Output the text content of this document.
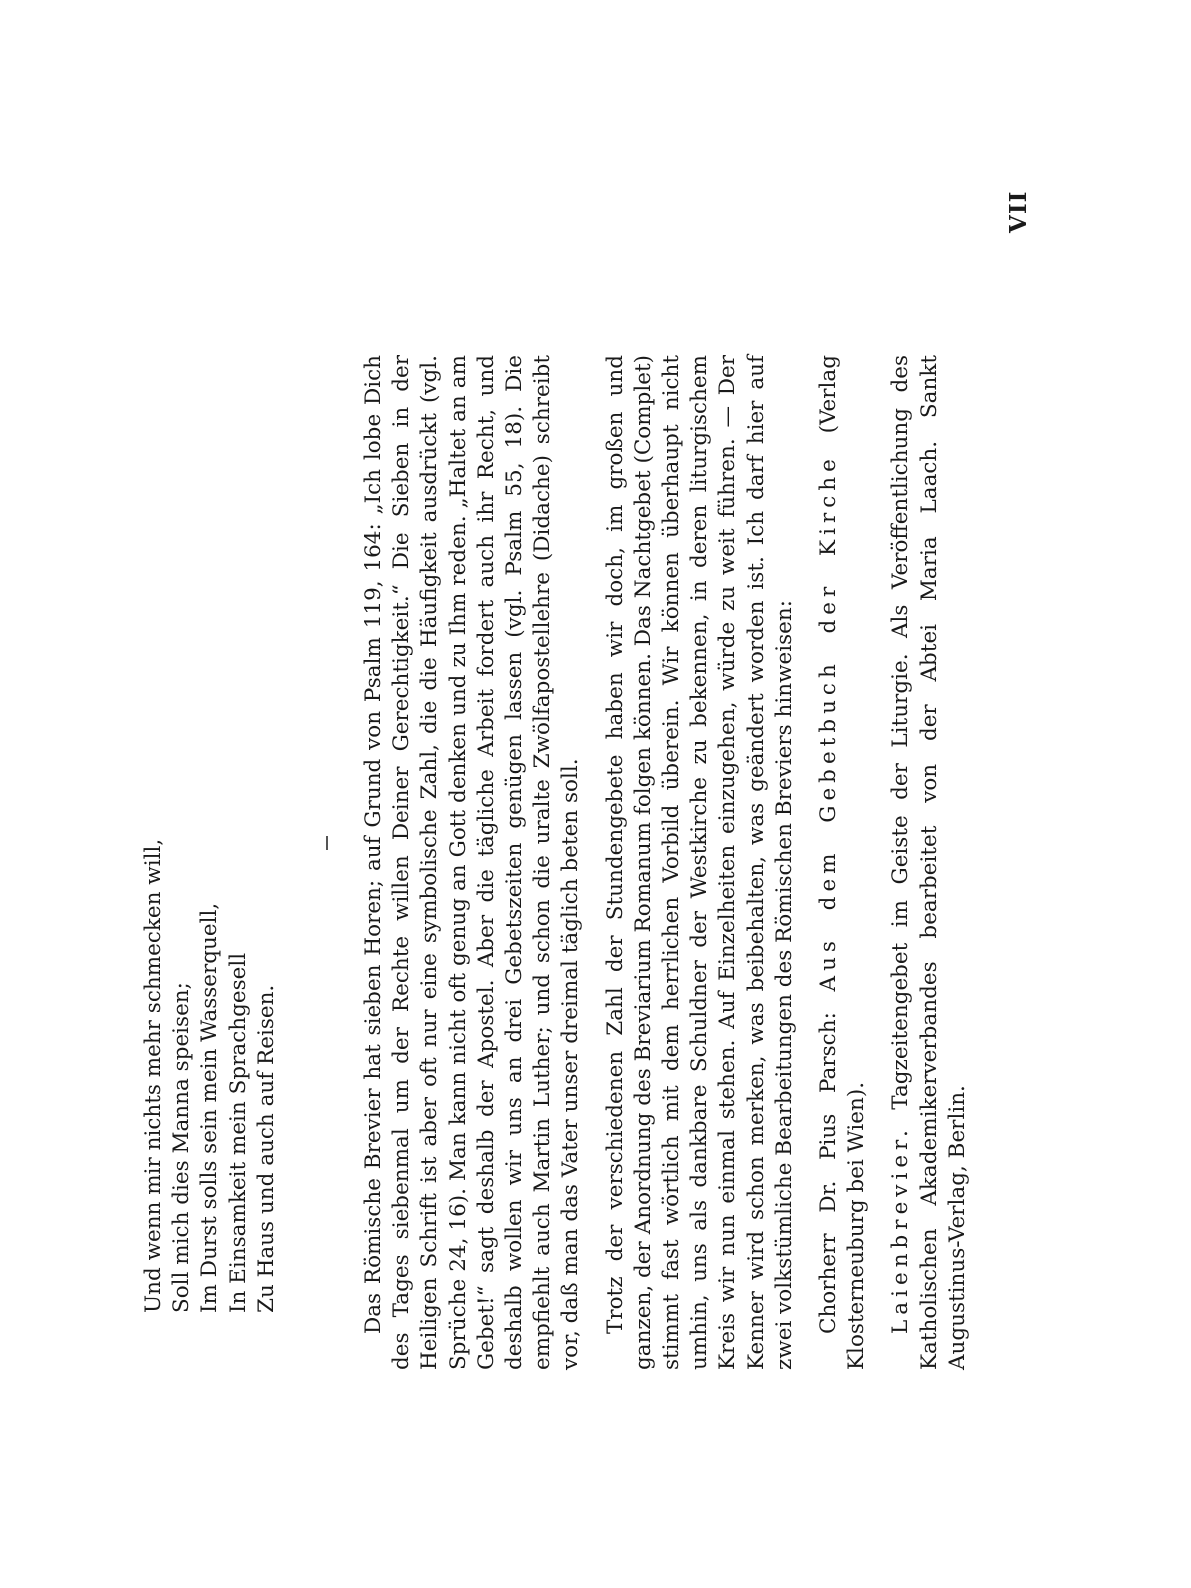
Und wenn mir nichts mehr schmecken will, Soll mich dies Manna speisen; Im Durst solls sein mein Wasserquell, In Einsamkeit mein Sprachgesell Zu Haus und auch auf Reisen.	Das Römische Brevier hat sieben Horen; auf Grund von Psalm 119, 164: „Ich lobe Dich des Tages siebenmal um der Rechte willen Deiner Gerechtigkeit.“ Die Sieben in der Heiligen Schrift ist aber oft nur eine symbolische Zahl, die die Häufigkeit ausdrückt (vgl. Sprüche 24, 16). Man kann nicht oft genug an Gott denken und zu Ihm reden. „Haltet an am Gebet!“ sagt deshalb der Apostel. Aber die tägliche Arbeit fordert auch ihr Recht, und deshalb wollen wir uns an drei Gebetszeiten genügen lassen (vgl. Psalm 55, 18). Die empfiehlt auch Martin Luther; und schon die uralte Zwölfapostellehre (Didache) schreibt vor, daß man das Vater unser dreimal täglich beten soll. Trotz der verschiedenen Zahl der Stundengebete haben wir doch, im großen und ganzen, der Anordnung des Breviarium Romanum folgen können. Das Nachtgebet (Complet) stimmt fast wörtlich mit dem herrlichen Vorbild überein. Wir können überhaupt nicht umhin, uns als dankbare Schuldner der Westkirche zu bekennen, in deren liturgischem Kreis wir nun einmal stehen. Auf Einzelheiten einzugehen, würde zu weit führen. — Der Kenner wird schon merken, was beibehalten, was geändert worden ist. Ich darf hier auf zwei volkstümliche Bearbeitungen des Römischen Breviers hinweisen: Chorherr Dr. Pius Parsch: Aus dem Gebetbuch der Kirche (Verlag Klosterneuburg bei Wien). Laienbrevier. Tagzeitengebet im Geiste der Liturgie. Als Veröffentlichung des Katholischen Akademikerverbandes bearbeitet von der Abtei Maria Laach. Sankt Augustinus-Verlag, Berlin.

VII
